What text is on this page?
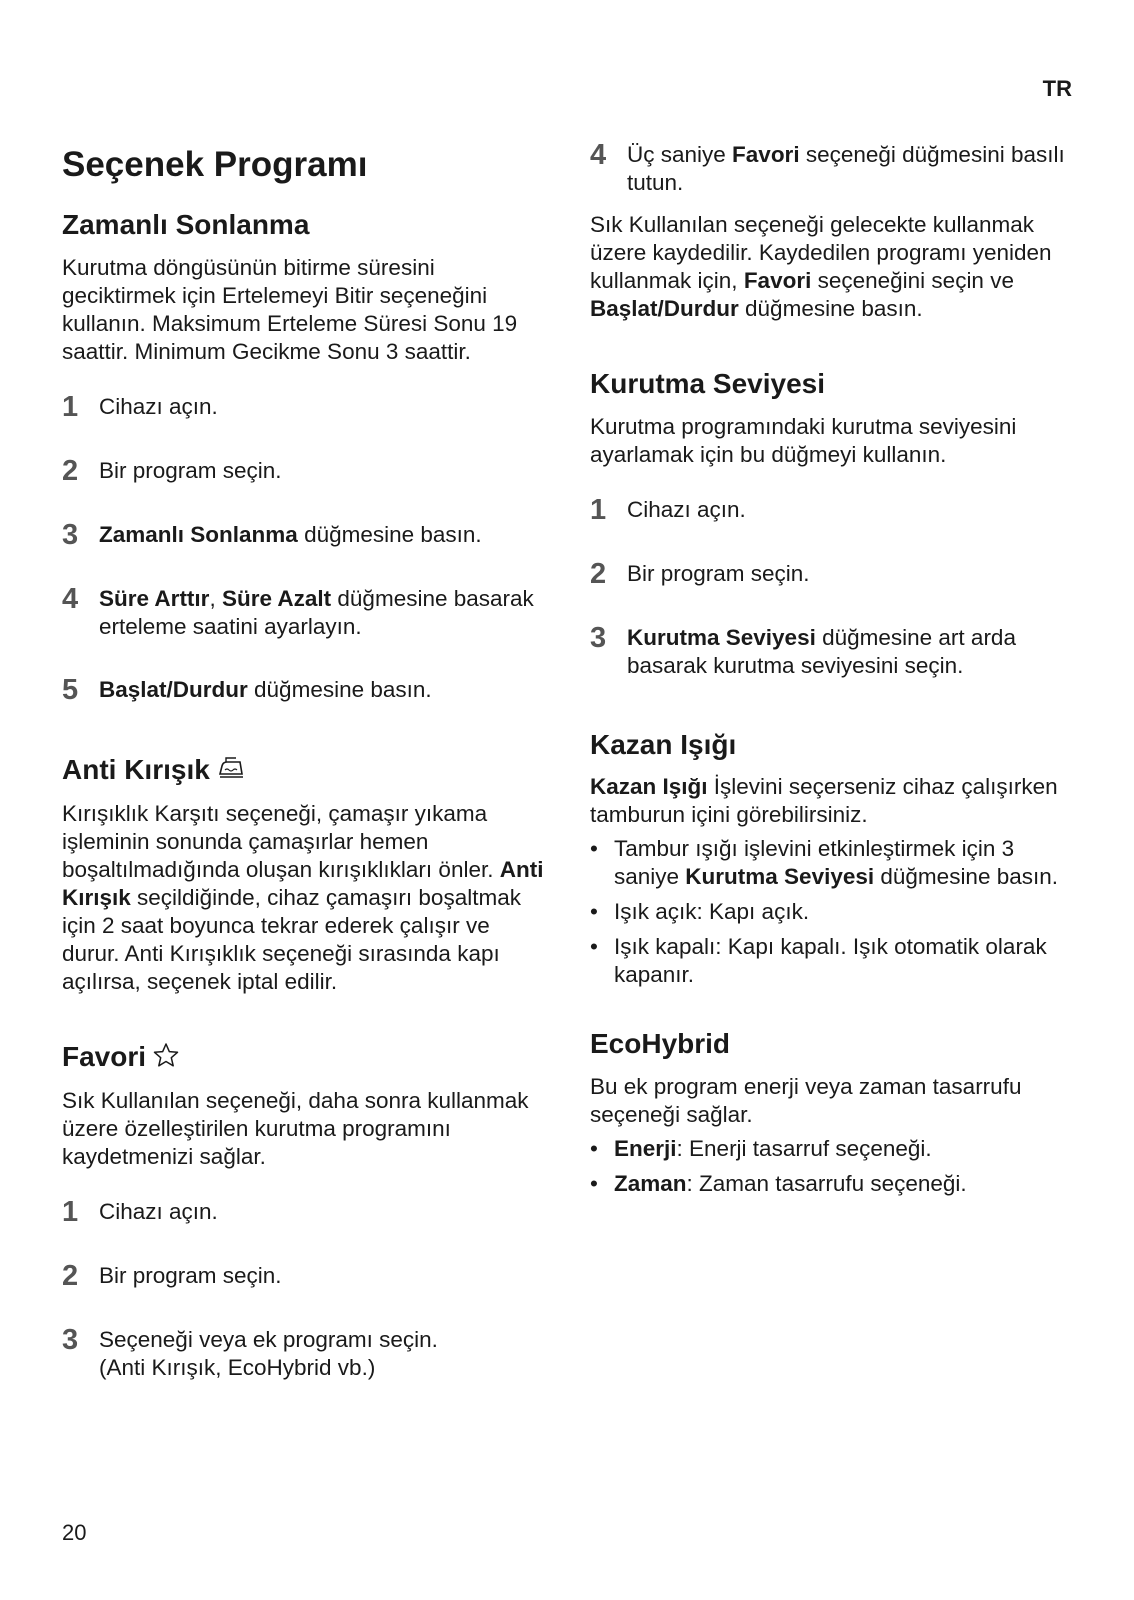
TR
Seçenek Programı
Zamanlı Sonlanma

Kurutma döngüsünün bitirme süresini geciktirmek için Ertelemeyi Bitir seçeneğini kullanın. Maksimum Erteleme Süresi Sonu 19 saattir. Minimum Gecikme Sonu 3 saattir.

1 Cihazı açın.
2 Bir program seçin.
3 Zamanlı Sonlanma düğmesine basın.
4 Süre Arttır, Süre Azalt düğmesine basarak erteleme saatini ayarlayın.
5 Başlat/Durdur düğmesine basın.
Anti Kırışık

Kırışıklık Karşıtı seçeneği, çamaşır yıkama işleminin sonunda çamaşırlar hemen boşaltılmadığında oluşan kırışıklıkları önler. Anti Kırışık seçildiğinde, cihaz çamaşırı boşaltmak için 2 saat boyunca tekrar ederek çalışır ve durur. Anti Kırışıklık seçeneği sırasında kapı açılırsa, seçenek iptal edilir.

Favori

Sık Kullanılan seçeneği, daha sonra kullanmak üzere özelleştirilen kurutma programını kaydetmenizi sağlar.

1 Cihazı açın.
2 Bir program seçin.
3 Seçeneği veya ek programı seçin.
(Anti Kırışık, EcoHybrid vb.)
4 Üç saniye Favori seçeneği düğmesini basılı tutun.

Sık Kullanılan seçeneği gelecekte kullanmak üzere kaydedilir. Kaydedilen programı yeniden kullanmak için, Favori seçeneğini seçin ve Başlat/Durdur düğmesine basın.

Kurutma Seviyesi

Kurutma programındaki kurutma seviyesini ayarlamak için bu düğmeyi kullanın.

1 Cihazı açın.
2 Bir program seçin.
3 Kurutma Seviyesi düğmesine art arda basarak kurutma seviyesini seçin.
Kazan Işığı

Kazan Işığı İşlevini seçerseniz cihaz çalışırken tamburun içini görebilirsiniz.

• Tambur ışığı işlevini etkinleştirmek için 3 saniye Kurutma Seviyesi düğmesine basın.
• Işık açık: Kapı açık.
• Işık kapalı: Kapı kapalı. Işık otomatik olarak kapanır.
EcoHybrid

Bu ek program enerji veya zaman tasarrufu seçeneği sağlar.

• Enerji: Enerji tasarruf seçeneği.
• Zaman: Zaman tasarrufu seçeneği.
20
